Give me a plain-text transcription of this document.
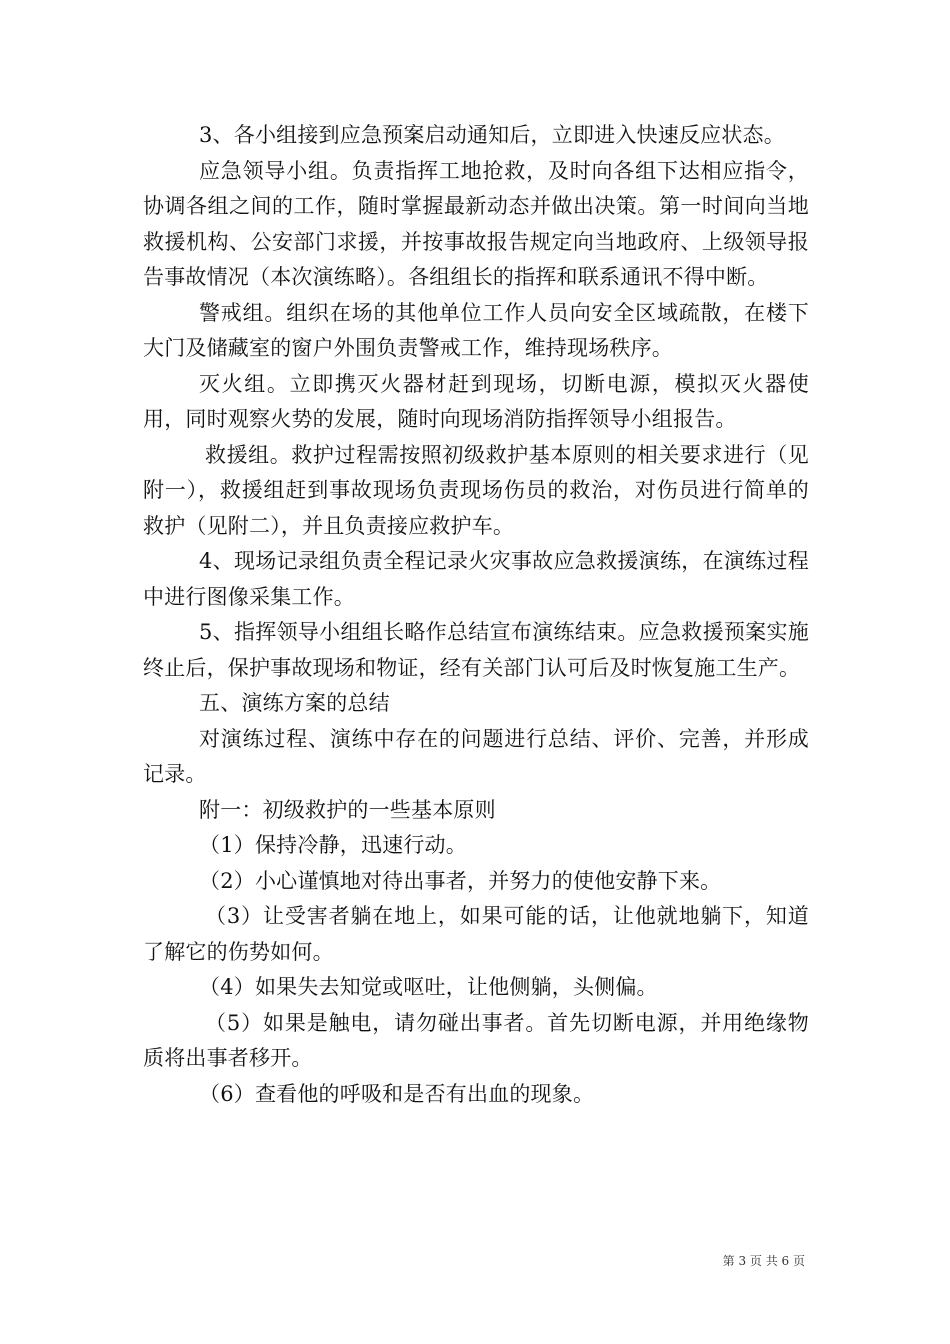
3、各小组接到应急预案启动通知后，立即进入快速反应状态。

应急领导小组。负责指挥工地抢救，及时向各组下达相应指令，协调各组之间的工作，随时掌握最新动态并做出决策。第一时间向当地救援机构、公安部门求援，并按事故报告规定向当地政府、上级领导报告事故情况（本次演练略）。各组组长的指挥和联系通讯不得中断。

警戒组。组织在场的其他单位工作人员向安全区域疏散，在楼下大门及储藏室的窗户外围负责警戒工作，维持现场秩序。

灭火组。立即携灭火器材赶到现场，切断电源，模拟灭火器使用，同时观察火势的发展，随时向现场消防指挥领导小组报告。

救援组。救护过程需按照初级救护基本原则的相关要求进行（见附一），救援组赶到事故现场负责现场伤员的救治，对伤员进行简单的救护（见附二），并且负责接应救护车。

4、现场记录组负责全程记录火灾事故应急救援演练，在演练过程中进行图像采集工作。

5、指挥领导小组组长略作总结宣布演练结束。应急救援预案实施终止后，保护事故现场和物证，经有关部门认可后及时恢复施工生产。

五、演练方案的总结

对演练过程、演练中存在的问题进行总结、评价、完善，并形成记录。

附一：初级救护的一些基本原则

（1）保持冷静，迅速行动。

（2）小心谨慎地对待出事者，并努力的使他安静下来。

（3）让受害者躺在地上，如果可能的话，让他就地躺下，知道了解它的伤势如何。

（4）如果失去知觉或呕吐，让他侧躺，头侧偏。

（5）如果是触电，请勿碰出事者。首先切断电源，并用绝缘物质将出事者移开。

（6）查看他的呼吸和是否有出血的现象。

第 3 页 共 6 页
